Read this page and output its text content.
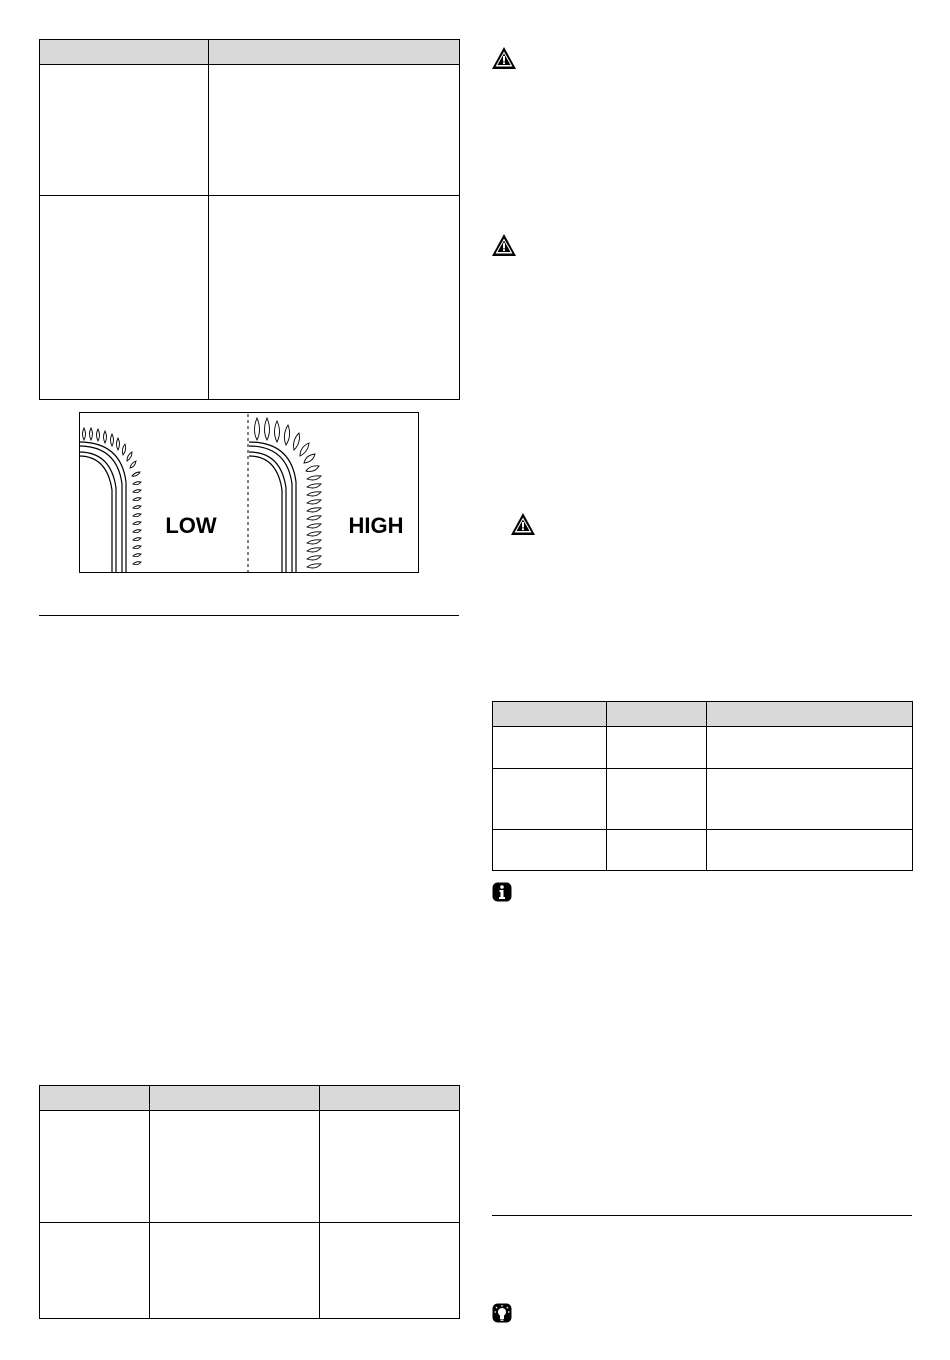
LOW	HIGH
